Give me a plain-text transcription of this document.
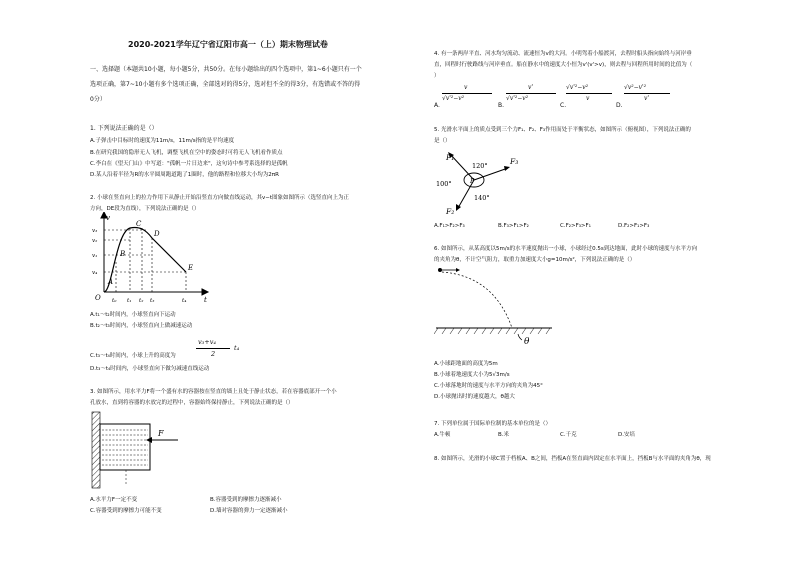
2020-2021学年辽宁省辽阳市高一（上）期末物理试卷
一、选择题（本题共10小题，每小题5分，共50分。在每小题给出的四个选项中，第1~6小题只有一个
选项正确，第7~10小题有多个选项正确，全部选对的得5分，选对但不全的得3分，有选错或不答的得
0分）
1. 下列说法正确的是（）
A.子弹击中目标时的速度为11m/s，11m/s指的是平均速度
B.在研究我国的隐形无人飞机，调整飞机在空中的姿态时可将无人飞机看作质点
C.李白在《望天门山》中写道："孤帆一片日边来"，这句诗中参考系选择的是孤帆
D.某人沿着半径为R的水平圆周跑道跑了1圈时，他的路程和位移大小均为2πR
2. 小球在竖直向上的拉力作用下从静止开始沿竖直方向做直线运动，其v−t图象如图所示（选竖直向上为正
方向，DE段为直线），下列说法正确的是（）
v
t
O
v₃
v₂
v₁
v₄
t₀ t₁ t₂ t₃	t₄
A
B
C
D
E
A.t₁～t₂时间内，小球竖直向下运动
B.t₂～t₃时间内，小球竖直向上做减速运动
C.t₃～t₄时间内，小球上升的高度为
v₃+v₄
2
t₄
D.t₃～t₄时间内，小球竖直向下做匀减速直线运动
3. 如图所示，用水平力F将一个盛有水的容器按在竖直的墙上且处于静止状态，若在容器底部开一个小
孔放水，直到将容器的水放完的过程中，容器始终保持静止，下列说法正确的是（）
F
A.水平力F一定不变	B.容器受到的摩擦力逐渐减小
C.容器受到的摩擦力可能不变	D.墙对容器的弹力一定逐渐减小
4. 有一条两岸平直、河水均匀流动、流速恒为v的大河。小明驾着小船渡河，去程时船头指向始终与河岸垂
直，回程时行驶路线与河岸垂直。船在静水中的速度大小恒为v'(v'>v)，则去程与回程所用时间的比值为（
）
A.
v
√v'²−v²
B.
v'
√v'²−v²
C.
√v'²−v²
v
D.
√v²−v'²
v'
5. 光滑水平面上的质点受到三个力F₁、F₂、F₃作用而处于平衡状态，如图所示（俯视图），下列说法正确的
是（）
F₁	F₃
F₂
P
120°
100°
140°
A.F₁>F₂>F₃	B.F₃>F₁>F₂	C.F₂>F₃>F₁	D.F₂>F₁>F₃
6. 如图所示，从某高度以5m/s的水平速度抛出一小球，小球经过0.5s到达地面，此时小球的速度与水平方向
的夹角为θ，不计空气阻力，取重力加速度大小g=10m/s²，下列说法正确的是（）
θ
A.小球距地面的高度为5m
B.小球着地速度大小为5√3m/s
C.小球落地时的速度与水平方向的夹角为45°
D.小球抛出时的速度越大，θ越大
7. 下列单位属于国际单位制的基本单位的是（）
A.牛顿	B.米	C.千克	D.安培
8. 如图所示，光滑的小球C置于档板A、B之间，挡板A在竖直面内固定在水平面上，挡板B与水平面的夹角为θ，现
